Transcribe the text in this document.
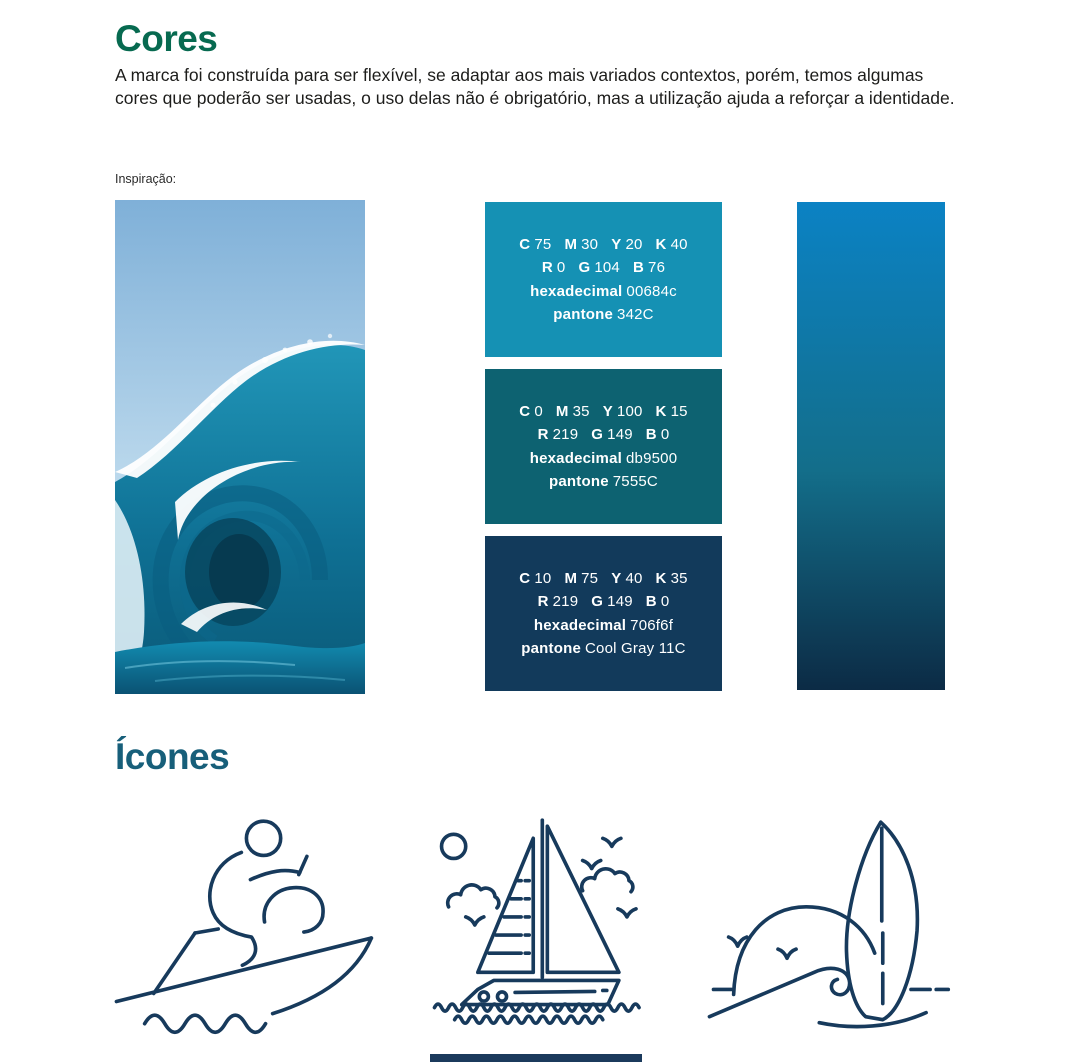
Cores

A marca foi construída para ser flexível, se adaptar aos mais variados contextos, porém, temos algumas cores que poderão ser usadas, o uso delas não é obrigatório, mas a utilização ajuda a reforçar a identidade.

Inspiração:
C 75 M 30 Y 20 K 40
R 0 G 104 B 76
hexadecimal 00684c
pantone 342C
C 0 M 35 Y 100 K 15
R 219 G 149 B 0
hexadecimal db9500
pantone 7555C
C 10 M 75 Y 40 K 35
R 219 G 149 B 0
hexadecimal 706f6f
pantone Cool Gray 11C
Ícones
